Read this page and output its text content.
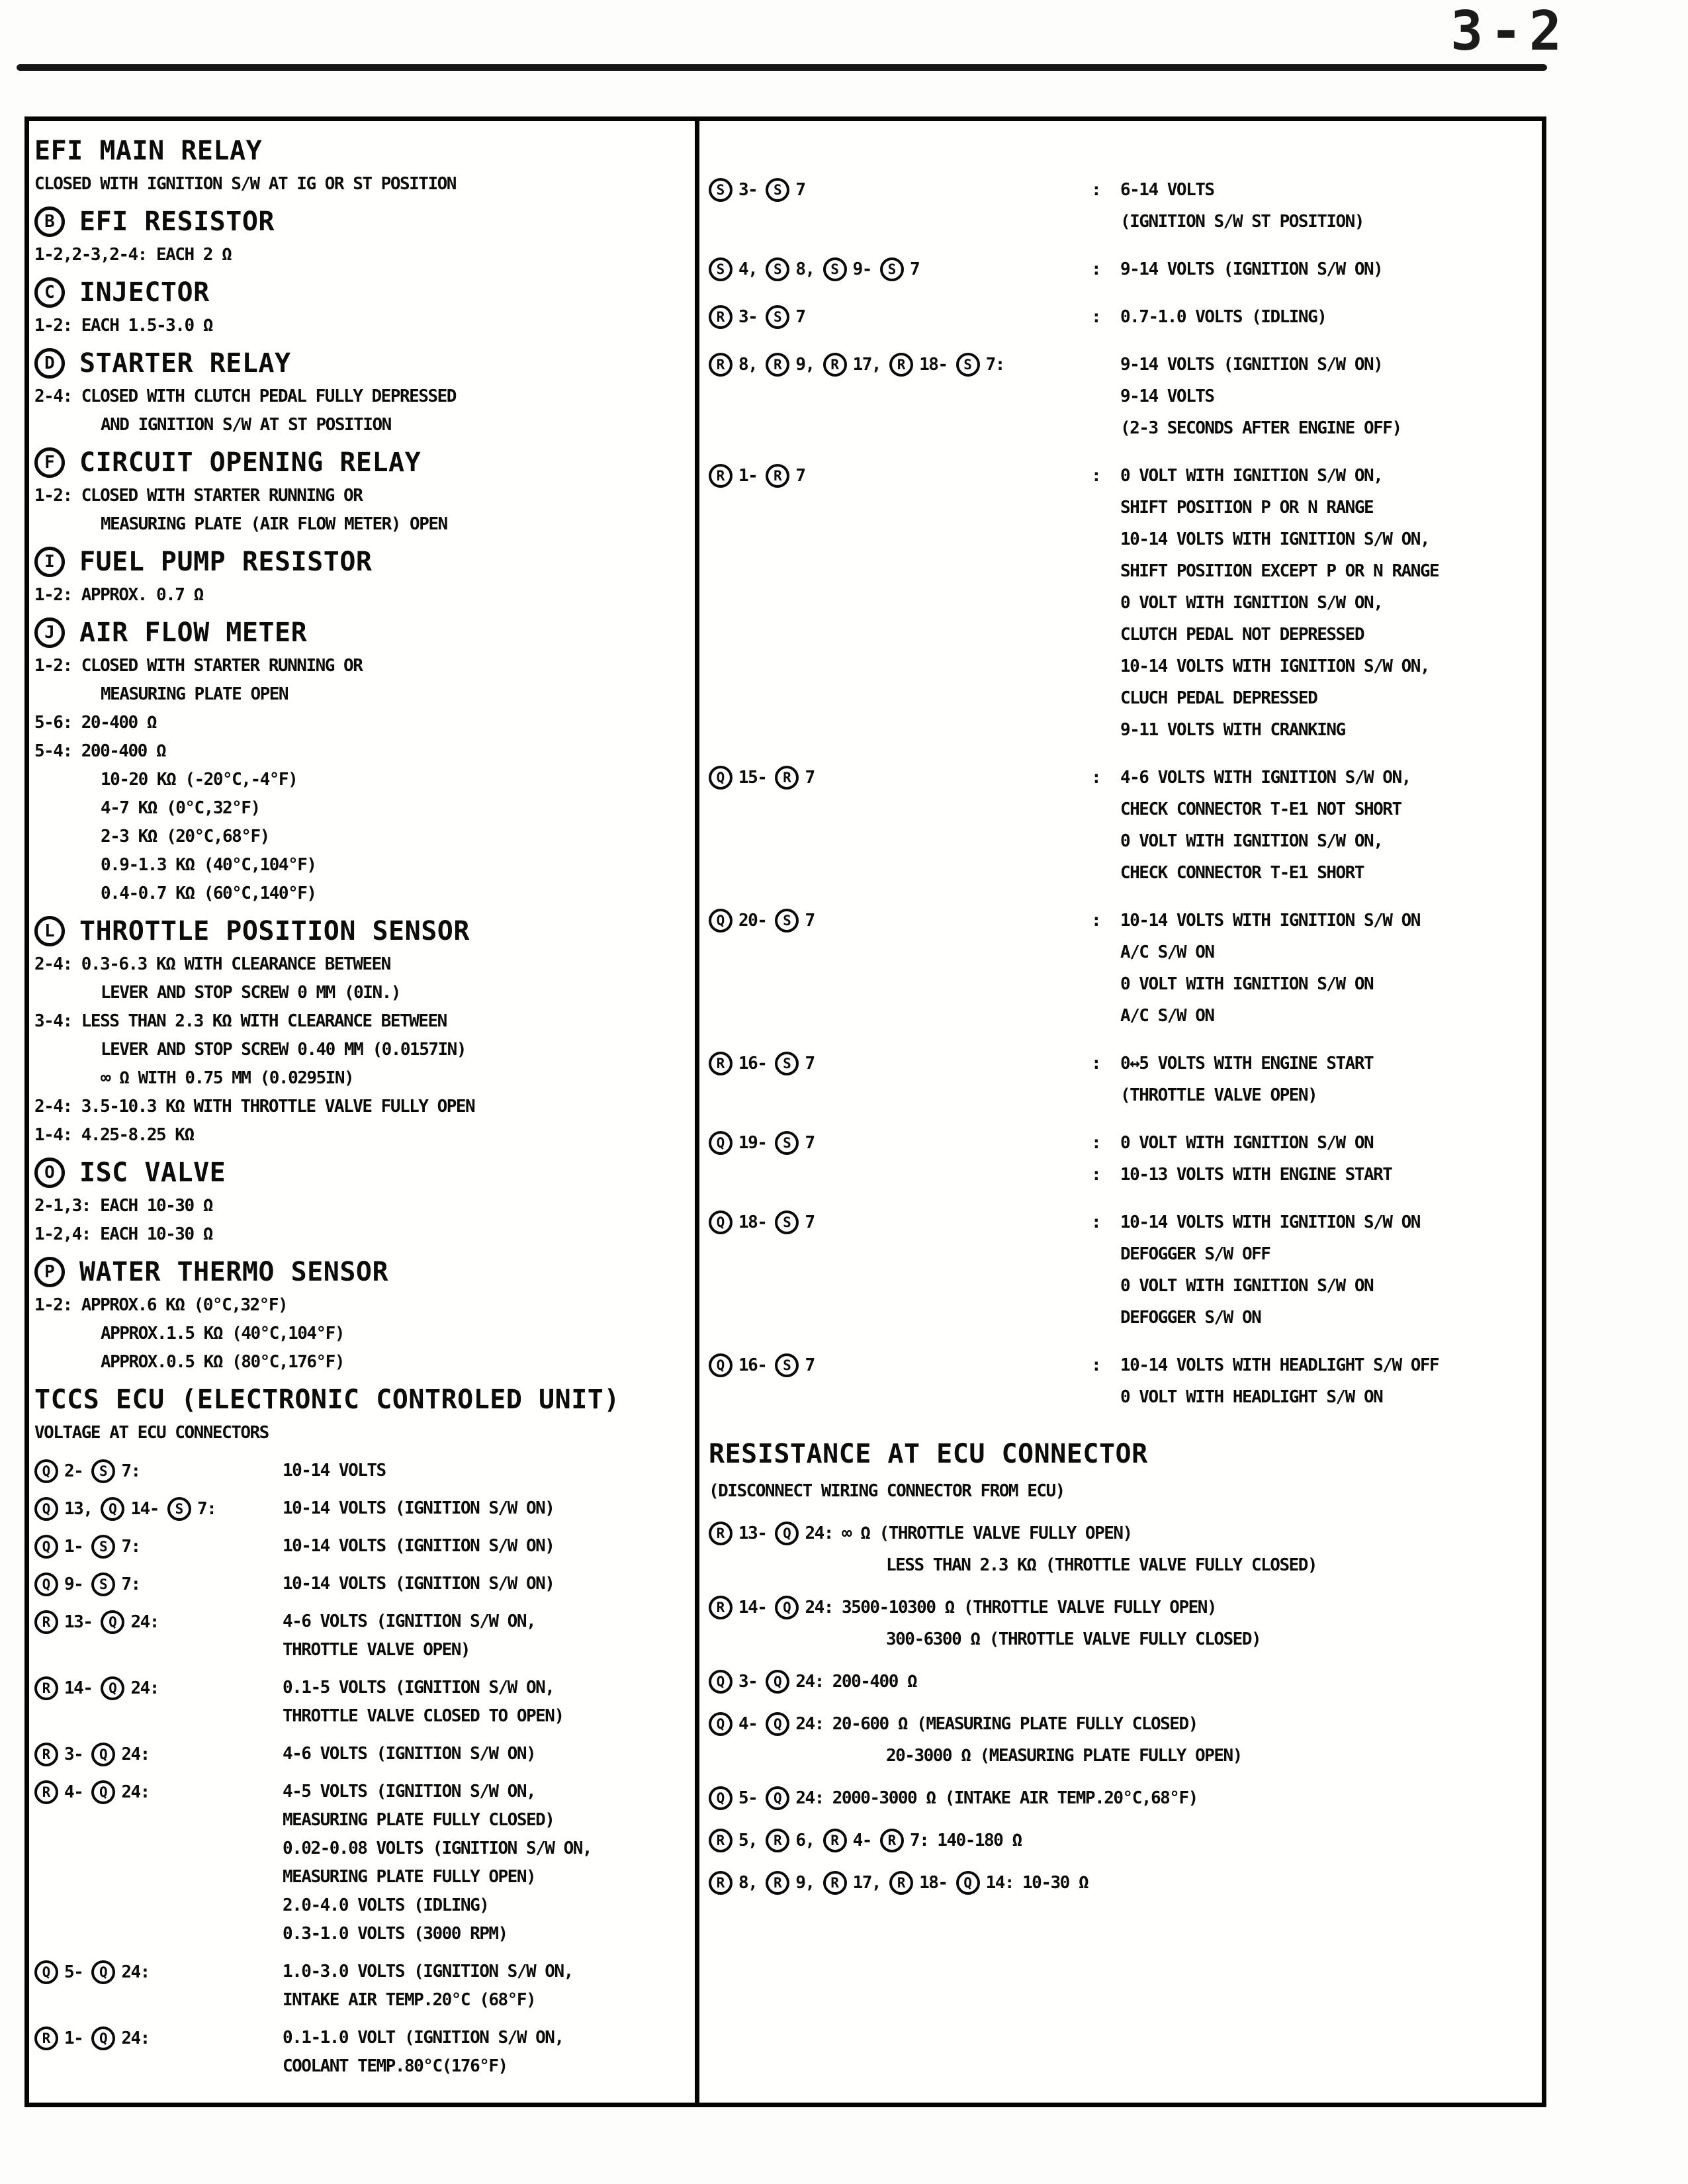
3-2
EFI MAIN RELAY
CLOSED WITH IGNITION S/W AT IG OR ST POSITION
B EFI RESISTOR
1-2,2-3,2-4: EACH 2 Ω
C INJECTOR
1-2: EACH 1.5-3.0 Ω
D STARTER RELAY
2-4: CLOSED WITH CLUTCH PEDAL FULLY DEPRESSED
AND IGNITION S/W AT ST POSITION
F CIRCUIT OPENING RELAY
1-2: CLOSED WITH STARTER RUNNING OR
MEASURING PLATE (AIR FLOW METER) OPEN
I FUEL PUMP RESISTOR
1-2: APPROX. 0.7 Ω
J AIR FLOW METER
1-2: CLOSED WITH STARTER RUNNING OR
MEASURING PLATE OPEN
5-6: 20-400 Ω
5-4: 200-400 Ω
10-20 KΩ (-20°C,-4°F)
4-7 KΩ (0°C,32°F)
2-3 KΩ (20°C,68°F)
0.9-1.3 KΩ (40°C,104°F)
0.4-0.7 KΩ (60°C,140°F)
L THROTTLE POSITION SENSOR
2-4: 0.3-6.3 KΩ WITH CLEARANCE BETWEEN
LEVER AND STOP SCREW 0 MM (0IN.)
3-4: LESS THAN 2.3 KΩ WITH CLEARANCE BETWEEN
LEVER AND STOP SCREW 0.40 MM (0.0157IN)
∞ Ω WITH 0.75 MM (0.0295IN)
2-4: 3.5-10.3 KΩ WITH THROTTLE VALVE FULLY OPEN
1-4: 4.25-8.25 KΩ
O ISC VALVE
2-1,3: EACH 10-30 Ω
1-2,4: EACH 10-30 Ω
P WATER THERMO SENSOR
1-2: APPROX.6 KΩ (0°C,32°F)
APPROX.1.5 KΩ (40°C,104°F)
APPROX.0.5 KΩ (80°C,176°F)
TCCS ECU (ELECTRONIC CONTROLED UNIT)
VOLTAGE AT ECU CONNECTORS
Q 2-	S 7:	10-14 VOLTS
Q 13,	Q 14-	S 7:	10-14 VOLTS (IGNITION S/W ON)
Q 1-	S 7:	10-14 VOLTS (IGNITION S/W ON)
Q 9-	S 7:	10-14 VOLTS (IGNITION S/W ON)
R 13-	Q 24:	4-6 VOLTS (IGNITION S/W ON,
THROTTLE VALVE OPEN)
R 14-	Q 24:	0.1-5 VOLTS (IGNITION S/W ON,
THROTTLE VALVE CLOSED TO OPEN)
R 3-	Q 24:	4-6 VOLTS (IGNITION S/W ON)
R 4-	Q 24:	4-5 VOLTS (IGNITION S/W ON,
MEASURING PLATE FULLY CLOSED)
0.02-0.08 VOLTS (IGNITION S/W ON,
MEASURING PLATE FULLY OPEN)
2.0-4.0 VOLTS (IDLING)
0.3-1.0 VOLTS (3000 RPM)
Q 5-	Q 24:	1.0-3.0 VOLTS (IGNITION S/W ON,
INTAKE AIR TEMP.20°C (68°F)
R 1-	Q 24:	0.1-1.0 VOLT (IGNITION S/W ON,
COOLANT TEMP.80°C(176°F)
S 3-	S 7	:	6-14 VOLTS
(IGNITION S/W ST POSITION)
S 4,	S 8,	S 9-	S 7	:	9-14 VOLTS (IGNITION S/W ON)
R 3-	S 7	:	0.7-1.0 VOLTS (IDLING)
R 8,	R 9,	R 17,	R 18-	S 7:	9-14 VOLTS (IGNITION S/W ON)
9-14 VOLTS
(2-3 SECONDS AFTER ENGINE OFF)
R 1-	R 7	:	0 VOLT WITH IGNITION S/W ON,
SHIFT POSITION P OR N RANGE
10-14 VOLTS WITH IGNITION S/W ON,
SHIFT POSITION EXCEPT P OR N RANGE
0 VOLT WITH IGNITION S/W ON,
CLUTCH PEDAL NOT DEPRESSED
10-14 VOLTS WITH IGNITION S/W ON,
CLUCH PEDAL DEPRESSED
9-11 VOLTS WITH CRANKING
Q 15-	R 7	:	4-6 VOLTS WITH IGNITION S/W ON,
CHECK CONNECTOR T-E1 NOT SHORT
0 VOLT WITH IGNITION S/W ON,
CHECK CONNECTOR T-E1 SHORT
Q 20-	S 7	:	10-14 VOLTS WITH IGNITION S/W ON
A/C S/W ON
0 VOLT WITH IGNITION S/W ON
A/C S/W ON
R 16-	S 7	:	0↔5 VOLTS WITH ENGINE START
(THROTTLE VALVE OPEN)
Q 19-	S 7	:	0 VOLT WITH IGNITION S/W ON
:	10-13 VOLTS WITH ENGINE START
Q 18-	S 7	:	10-14 VOLTS WITH IGNITION S/W ON
DEFOGGER S/W OFF
0 VOLT WITH IGNITION S/W ON
DEFOGGER S/W ON
Q 16-	S 7	:	10-14 VOLTS WITH HEADLIGHT S/W OFF
0 VOLT WITH HEADLIGHT S/W ON
RESISTANCE AT ECU CONNECTOR
(DISCONNECT WIRING CONNECTOR FROM ECU)
R 13-	Q 24: ∞ Ω (THROTTLE VALVE FULLY OPEN)
LESS THAN 2.3 KΩ (THROTTLE VALVE FULLY CLOSED)
R 14-	Q 24: 3500-10300 Ω (THROTTLE VALVE FULLY OPEN)
300-6300 Ω (THROTTLE VALVE FULLY CLOSED)
Q 3-	Q 24: 200-400 Ω
Q 4-	Q 24: 20-600 Ω (MEASURING PLATE FULLY CLOSED)
20-3000 Ω (MEASURING PLATE FULLY OPEN)
Q 5-	Q 24: 2000-3000 Ω (INTAKE AIR TEMP.20°C,68°F)
R 5,	R 6,	R 4-	R 7: 140-180 Ω
R 8,	R 9,	R 17,	R 18-	Q 14: 10-30 Ω
